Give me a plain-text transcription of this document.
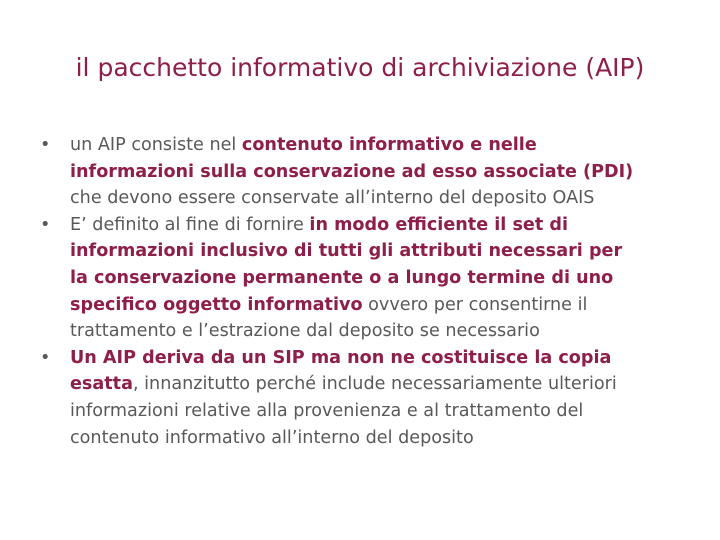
il pacchetto informativo di archiviazione (AIP)
• un AIP consiste nel contenuto informativo e nelle informazioni sulla conservazione ad esso associate (PDI) che devono essere conservate all’interno del deposito OAIS
• E’ definito al fine di fornire in modo efficiente il set di informazioni inclusivo di tutti gli attributi necessari per la conservazione permanente o a lungo termine di uno specifico oggetto informativo ovvero per consentirne il trattamento e l’estrazione dal deposito se necessario
• Un AIP deriva da un SIP ma non ne costituisce la copia esatta, innanzitutto perché include necessariamente ulteriori informazioni relative alla provenienza e al trattamento del contenuto informativo all’interno del deposito
